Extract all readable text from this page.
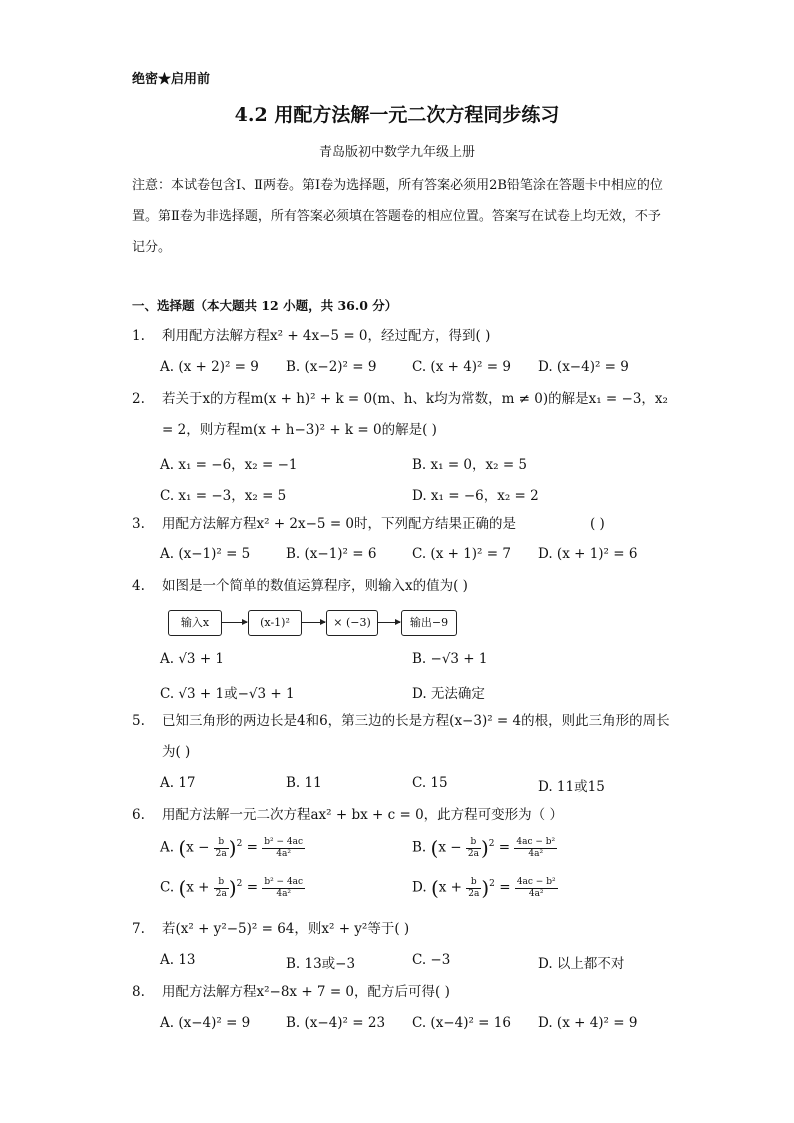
绝密★启用前
4.2 用配方法解一元二次方程同步练习
青岛版初中数学九年级上册
注意：本试卷包含Ⅰ、Ⅱ两卷。第Ⅰ卷为选择题，所有答案必须用2B铅笔涂在答题卡中相应的位置。第Ⅱ卷为非选择题，所有答案必须填在答题卷的相应位置。答案写在试卷上均无效，不予记分。
一、选择题（本大题共 12 小题，共 36.0 分）
1.	利用配方法解方程x² + 4x−5 = 0，经过配方，得到( )
A. (x + 2)² = 9 B. (x−2)² = 9	C. (x + 4)² = 9 D. (x−4)² = 9
2.	若关于x的方程m(x + h)² + k = 0(m、h、k均为常数，m ≠ 0)的解是x₁ = −3，x₂ = 2，则方程m(x + h−3)² + k = 0的解是( )
A. x₁ = −6，x₂ = −1	B. x₁ = 0，x₂ = 5
C. x₁ = −3，x₂ = 5	D. x₁ = −6，x₂ = 2
3.	用配方法解方程x² + 2x−5 = 0时，下列配方结果正确的是	( )
A. (x−1)² = 5	B. (x−1)² = 6	C. (x + 1)² = 7 D. (x + 1)² = 6
4.	如图是一个简单的数值运算程序，则输入x的值为( )
输入x	(x-1)²	× (−3)	输出−9
A. √3 + 1	B. −√3 + 1
C. √3 + 1或−√3 + 1	D. 无法确定
5.	已知三角形的两边长是4和6，第三边的长是方程(x−3)² = 4的根，则此三角形的周长为( )
A. 17	B. 11	C. 15	D. 11或15
6.	用配方法解一元二次方程ax² + bx + c = 0，此方程可变形为（ ）
A. $(x - \frac{b}{2a} )^2 = \frac{\text{b² − 4ac}}{\text{4a²}}$	B. $(x - \frac{b}{2a} )^2 = \frac{\text{4ac − b²}}{\text{4a²}}$
C. $(x + \frac{b}{2a} )^2 = \frac{\text{b² − 4ac}}{\text{4a²}}$	D. $(x + \frac{b}{2a} )^2 = \frac{\text{4ac − b²}}{\text{4a²}}$
7.	若(x² + y²−5)² = 64，则x² + y²等于( )
A. 13	B. 13或−3	C. −3	D. 以上都不对
8.	用配方法解方程x²−8x + 7 = 0，配方后可得( )
A. (x−4)² = 9	B. (x−4)² = 23 C. (x−4)² = 16 D. (x + 4)² = 9
